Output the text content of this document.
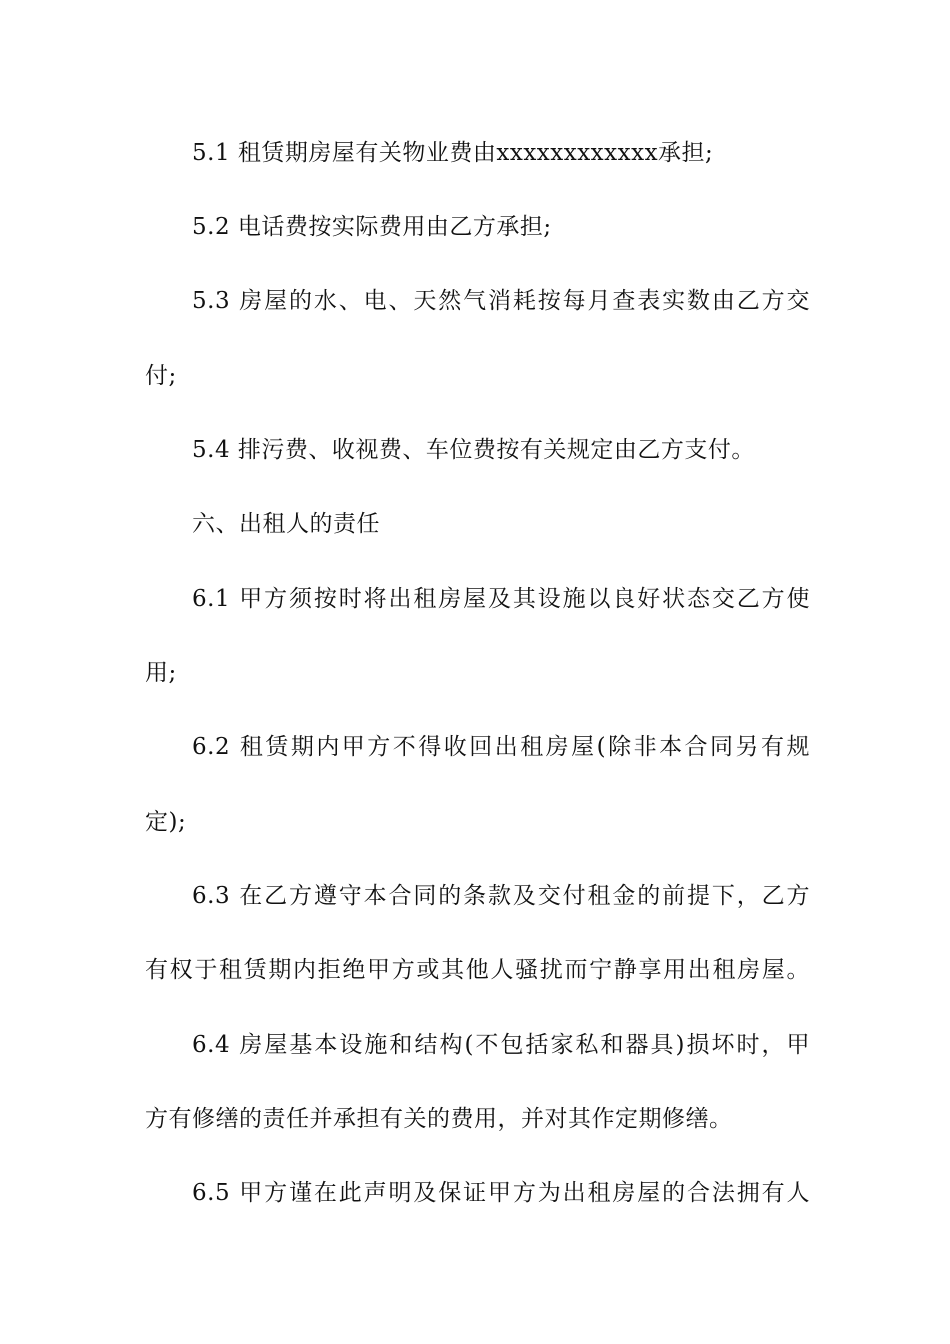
5.1 租赁期房屋有关物业费由xxxxxxxxxxxx承担;
5.2 电话费按实际费用由乙方承担;
5.3 房屋的水、电、天然气消耗按每月查表实数由乙方交
付;
5.4 排污费、收视费、车位费按有关规定由乙方支付。
六、出租人的责任
6.1 甲方须按时将出租房屋及其设施以良好状态交乙方使
用;
6.2 租赁期内甲方不得收回出租房屋(除非本合同另有规
定);
6.3 在乙方遵守本合同的条款及交付租金的前提下，乙方
有权于租赁期内拒绝甲方或其他人骚扰而宁静享用出租房屋。
6.4 房屋基本设施和结构(不包括家私和器具)损坏时，甲
方有修缮的责任并承担有关的费用，并对其作定期修缮。
6.5 甲方谨在此声明及保证甲方为出租房屋的合法拥有人
